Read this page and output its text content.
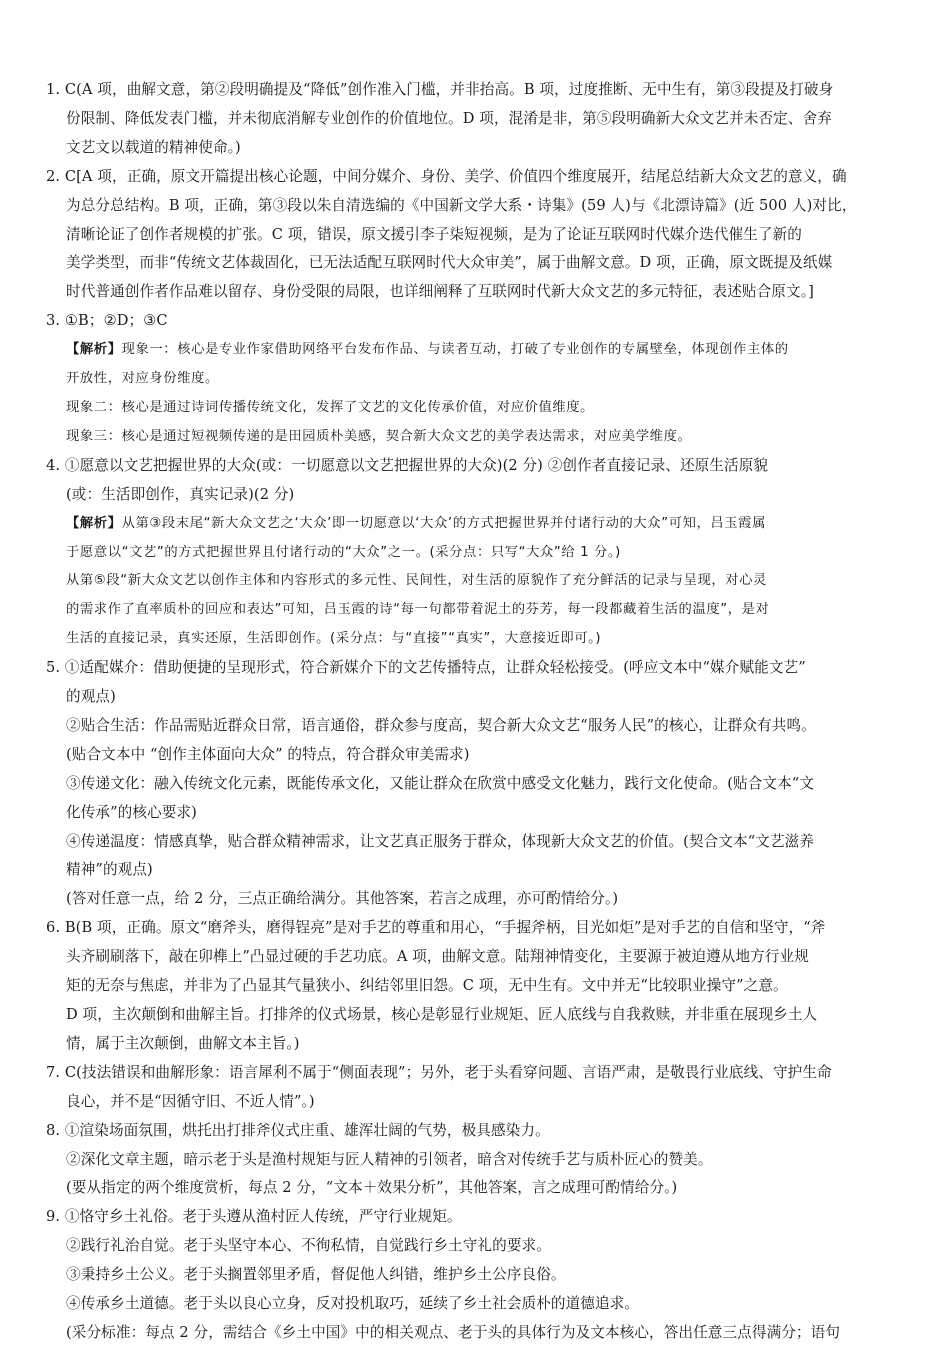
1. C(A 项，曲解文意，第②段明确提及“降低”创作准入门槛，并非抬高。B 项，过度推断、无中生有，第③段提及打破身
份限制、降低发表门槛，并未彻底消解专业创作的价值地位。D 项，混淆是非，第⑤段明确新大众文艺并未否定、舍弃
文艺文以载道的精神使命。)
2. C[A 项，正确，原文开篇提出核心论题，中间分媒介、身份、美学、价值四个维度展开，结尾总结新大众文艺的意义，确
为总分总结构。B 项，正确，第③段以朱自清选编的《中国新文学大系・诗集》(59 人)与《北漂诗篇》(近 500 人)对比，
清晰论证了创作者规模的扩张。C 项，错误，原文援引李子柒短视频，是为了论证互联网时代媒介迭代催生了新的
美学类型，而非“传统文艺体裁固化，已无法适配互联网时代大众审美”，属于曲解文意。D 项，正确，原文既提及纸媒
时代普通创作者作品难以留存、身份受限的局限，也详细阐释了互联网时代新大众文艺的多元特征，表述贴合原文。]
3. ①B；②D；③C
【解析】现象一：核心是专业作家借助网络平台发布作品、与读者互动，打破了专业创作的专属壁垒，体现创作主体的
开放性，对应身份维度。
现象二：核心是通过诗词传播传统文化，发挥了文艺的文化传承价值，对应价值维度。
现象三：核心是通过短视频传递的是田园质朴美感，契合新大众文艺的美学表达需求，对应美学维度。
4. ①愿意以文艺把握世界的大众(或：一切愿意以文艺把握世界的大众)(2 分) ②创作者直接记录、还原生活原貌
(或：生活即创作，真实记录)(2 分)
【解析】从第③段末尾“新大众文艺之‘大众’即一切愿意以‘大众’的方式把握世界并付诸行动的大众”可知，吕玉霞属
于愿意以“文艺”的方式把握世界且付诸行动的“大众”之一。(采分点：只写“大众”给 1 分。)
从第⑤段“新大众文艺以创作主体和内容形式的多元性、民间性，对生活的原貌作了充分鲜活的记录与呈现，对心灵
的需求作了直率质朴的回应和表达”可知，吕玉霞的诗“每一句都带着泥土的芬芳，每一段都藏着生活的温度”，是对
生活的直接记录，真实还原，生活即创作。(采分点：与“直接”“真实”，大意接近即可。)
5. ①适配媒介：借助便捷的呈现形式，符合新媒介下的文艺传播特点，让群众轻松接受。(呼应文本中“媒介赋能文艺”
的观点)
②贴合生活：作品需贴近群众日常，语言通俗，群众参与度高，契合新大众文艺“服务人民”的核心，让群众有共鸣。
(贴合文本中 “创作主体面向大众” 的特点，符合群众审美需求)
③传递文化：融入传统文化元素，既能传承文化，又能让群众在欣赏中感受文化魅力，践行文化使命。(贴合文本“文
化传承”的核心要求)
④传递温度：情感真挚，贴合群众精神需求，让文艺真正服务于群众，体现新大众文艺的价值。(契合文本“文艺滋养
精神”的观点)
(答对任意一点，给 2 分，三点正确给满分。其他答案，若言之成理，亦可酌情给分。)
6. B(B 项，正确。原文“磨斧头，磨得锃亮”是对手艺的尊重和用心，“手握斧柄，目光如炬”是对手艺的自信和坚守，“斧
头齐刷刷落下，敲在卯榫上”凸显过硬的手艺功底。A 项，曲解文意。陆翔神情变化，主要源于被迫遵从地方行业规
矩的无奈与焦虑，并非为了凸显其气量狭小、纠结邻里旧怨。C 项，无中生有。文中并无“比较职业操守”之意。
D 项，主次颠倒和曲解主旨。打排斧的仪式场景，核心是彰显行业规矩、匠人底线与自我救赎，并非重在展现乡土人
情，属于主次颠倒，曲解文本主旨。)
7. C(技法错误和曲解形象：语言犀利不属于“侧面表现”；另外，老于头看穿问题、言语严肃，是敬畏行业底线、守护生命
良心，并不是“因循守旧、不近人情”。)
8. ①渲染场面氛围，烘托出打排斧仪式庄重、雄浑壮阔的气势，极具感染力。
②深化文章主题，暗示老于头是渔村规矩与匠人精神的引领者，暗含对传统手艺与质朴匠心的赞美。
(要从指定的两个维度赏析，每点 2 分，“文本＋效果分析”，其他答案，言之成理可酌情给分。)
9. ①恪守乡土礼俗。老于头遵从渔村匠人传统，严守行业规矩。
②践行礼治自觉。老于头坚守本心、不徇私情，自觉践行乡土守礼的要求。
③秉持乡土公义。老于头搁置邻里矛盾，督促他人纠错，维护乡土公序良俗。
④传承乡土道德。老于头以良心立身，反对投机取巧，延续了乡土社会质朴的道德追求。
(采分标准：每点 2 分，需结合《乡土中国》中的相关观点、老于头的具体行为及文本核心，答出任意三点得满分；语句
